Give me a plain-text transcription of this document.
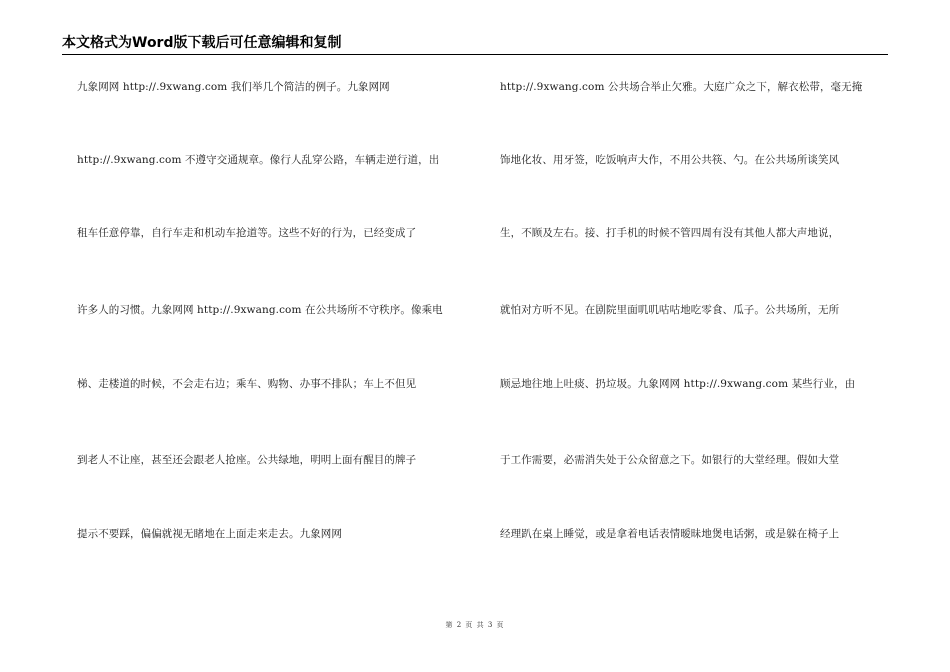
本文格式为Word版下载后可任意编辑和复制
九象网网 http://.9xwang.com 我们举几个简洁的例子。九象网网
http://.9xwang.com 不遵守交通规章。像行人乱穿公路，车辆走逆行道，出
租车任意停靠，自行车走和机动车抢道等。这些不好的行为，已经变成了
许多人的习惯。九象网网 http://.9xwang.com 在公共场所不守秩序。像乘电
梯、走楼道的时候，不会走右边；乘车、购物、办事不排队；车上不但见
到老人不让座，甚至还会跟老人抢座。公共绿地，明明上面有醒目的牌子
提示不要踩，偏偏就视无睹地在上面走来走去。九象网网
http://.9xwang.com 公共场合举止欠雅。大庭广众之下，解衣松带，毫无掩
饰地化妆、用牙签，吃饭响声大作，不用公共筷、勺。在公共场所谈笑风
生，不顾及左右。接、打手机的时候不管四周有没有其他人都大声地说，
就怕对方听不见。在剧院里面叽叽咕咕地吃零食、瓜子。公共场所，无所
顾忌地往地上吐痰、扔垃圾。九象网网 http://.9xwang.com 某些行业，由
于工作需要，必需消失处于公众留意之下。如银行的大堂经理。假如大堂
经理趴在桌上睡觉，或是拿着电话表情暧昧地煲电话粥，或是躲在椅子上
第 2 页 共 3 页
